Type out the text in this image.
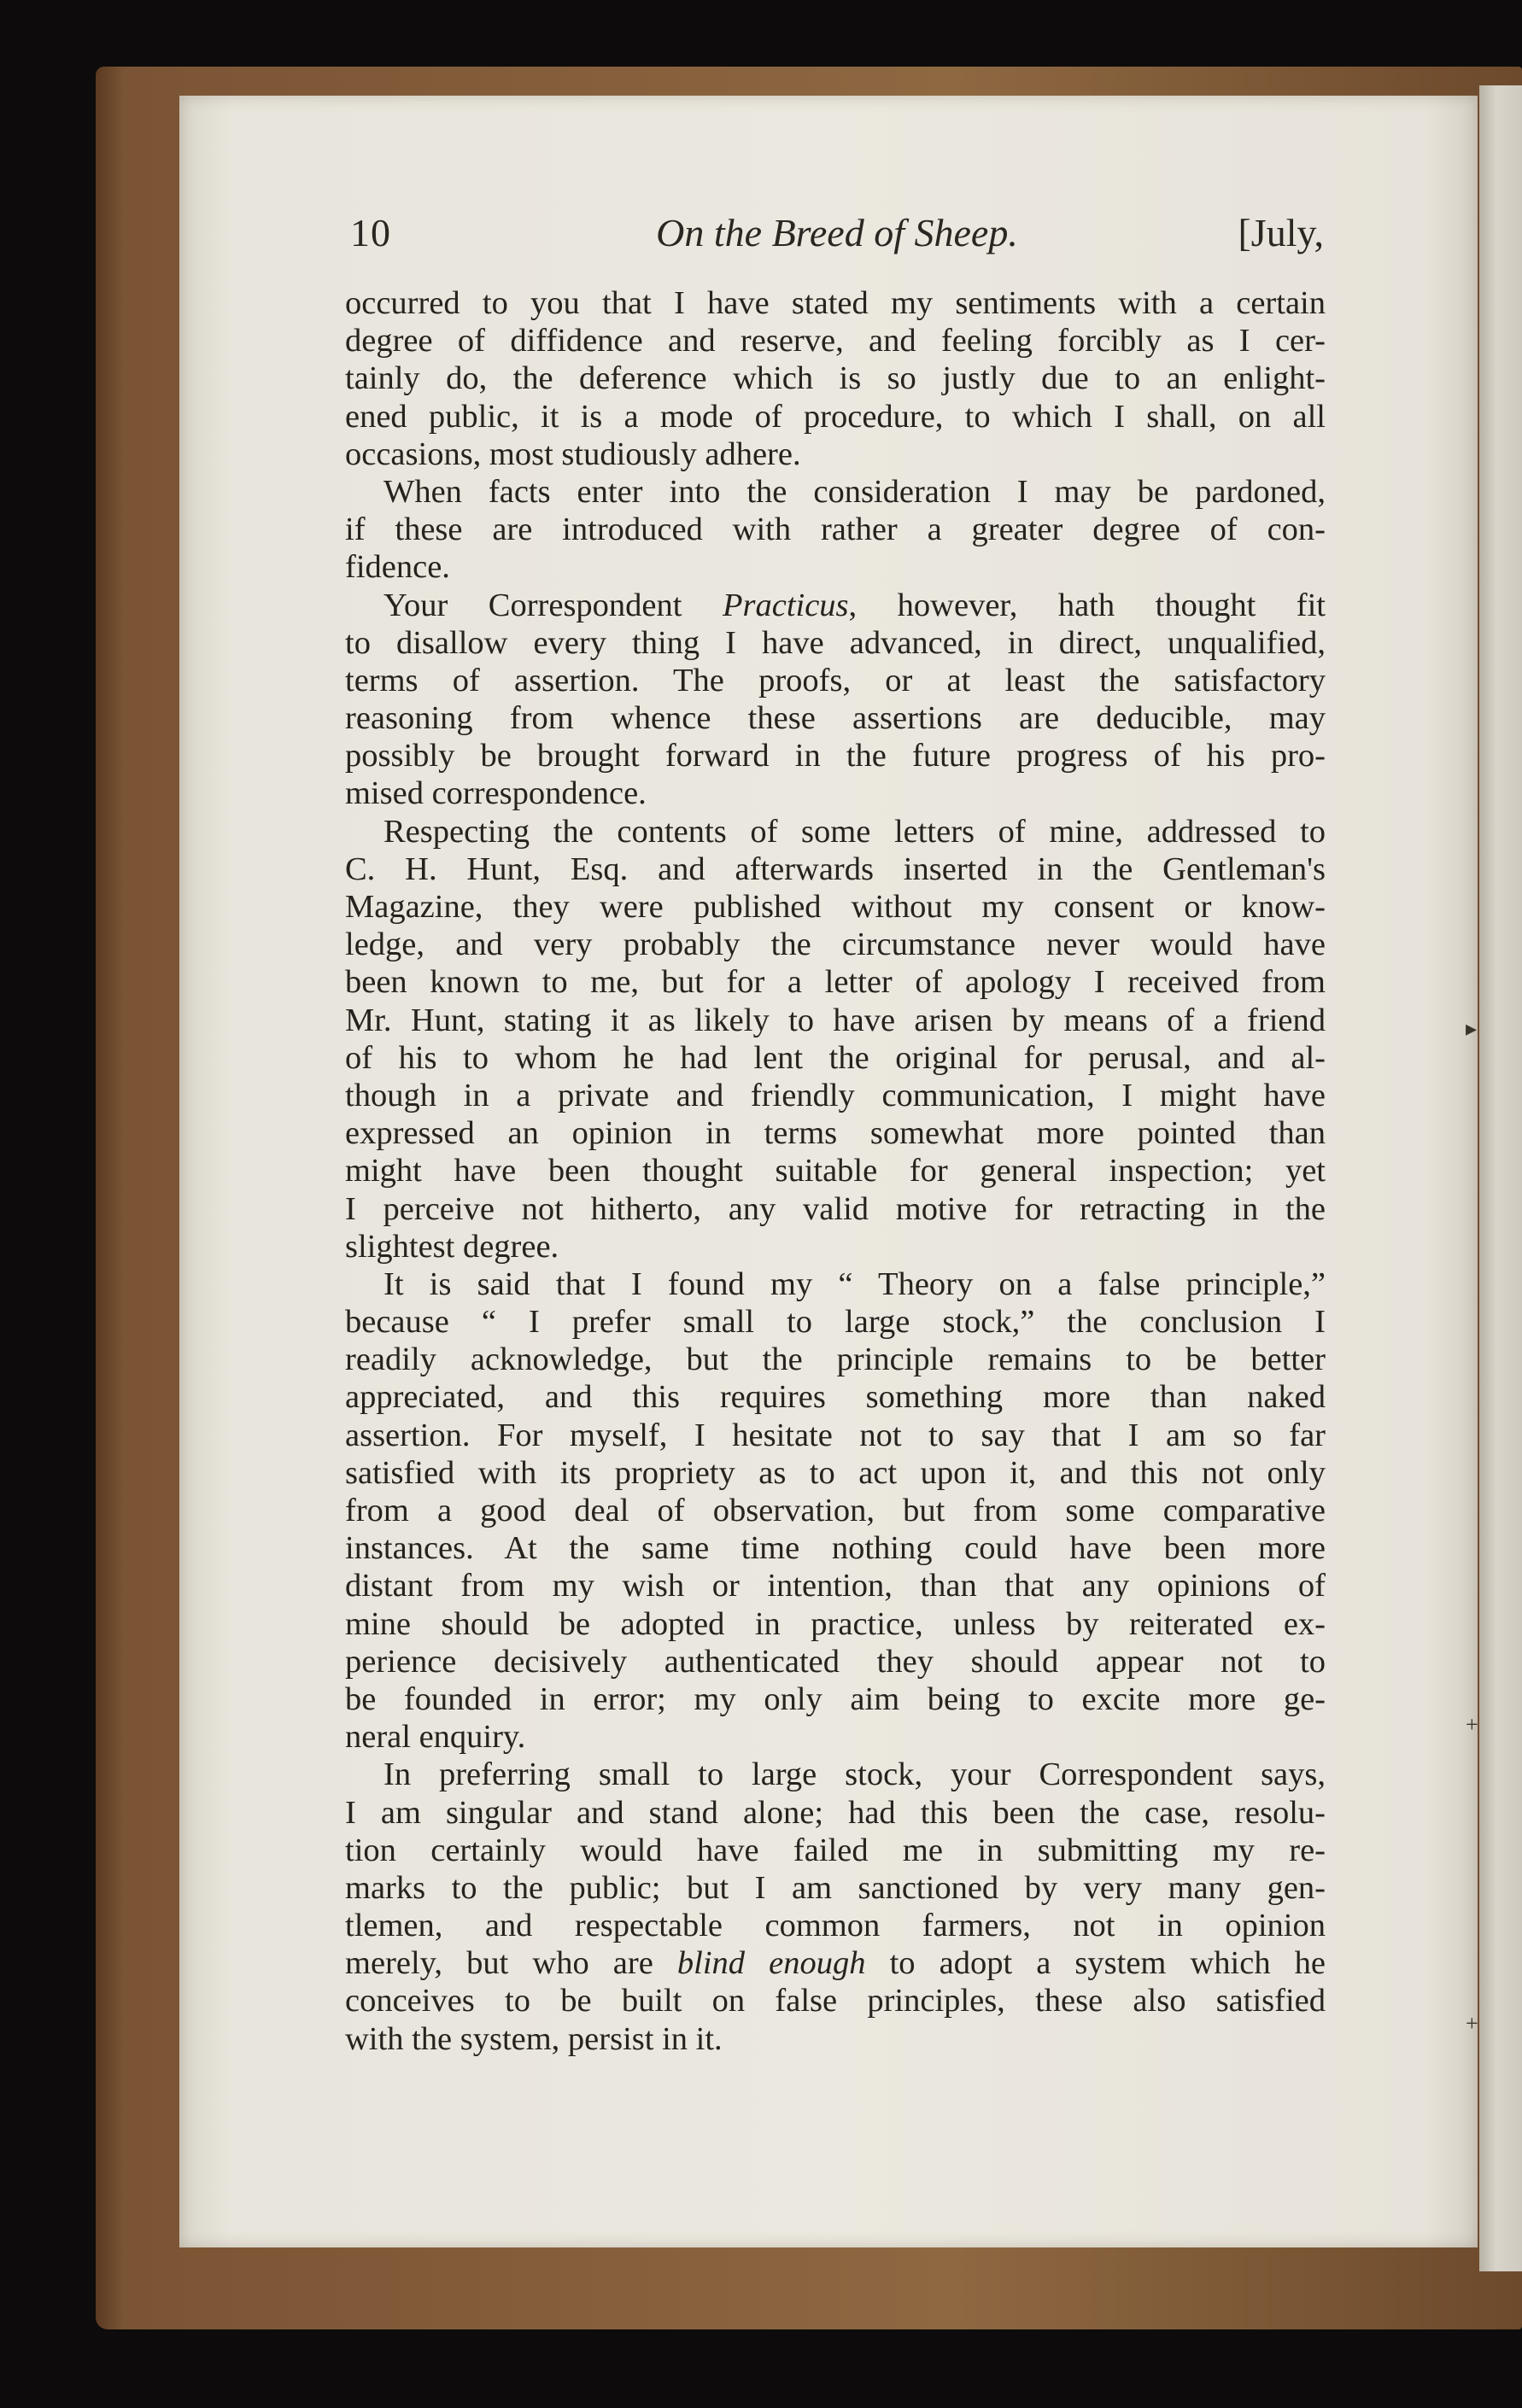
10	On the Breed of Sheep.	[July,
occurred to you that I have stated my sentiments with a certain
degree of diffidence and reserve, and feeling forcibly as I cer-
tainly do, the deference which is so justly due to an enlight-
ened public, it is a mode of procedure, to which I shall, on all
occasions, most studiously adhere.
When facts enter into the consideration I may be pardoned,
if these are introduced with rather a greater degree of con-
fidence.
Your Correspondent Practicus, however, hath thought fit
to disallow every thing I have advanced, in direct, unqualified,
terms of assertion. The proofs, or at least the satisfactory
reasoning from whence these assertions are deducible, may
possibly be brought forward in the future progress of his pro-
mised correspondence.
Respecting the contents of some letters of mine, addressed to
C. H. Hunt, Esq. and afterwards inserted in the Gentleman's
Magazine, they were published without my consent or know-
ledge, and very probably the circumstance never would have
been known to me, but for a letter of apology I received from
Mr. Hunt, stating it as likely to have arisen by means of a friend
of his to whom he had lent the original for perusal, and al-
though in a private and friendly communication, I might have
expressed an opinion in terms somewhat more pointed than
might have been thought suitable for general inspection; yet
I perceive not hitherto, any valid motive for retracting in the
slightest degree.
It is said that I found my “ Theory on a false principle,”
because “ I prefer small to large stock,” the conclusion I
readily acknowledge, but the principle remains to be better
appreciated, and this requires something more than naked
assertion. For myself, I hesitate not to say that I am so far
satisfied with its propriety as to act upon it, and this not only
from a good deal of observation, but from some comparative
instances. At the same time nothing could have been more
distant from my wish or intention, than that any opinions of
mine should be adopted in practice, unless by reiterated ex-
perience decisively authenticated they should appear not to
be founded in error; my only aim being to excite more ge-
neral enquiry.
In preferring small to large stock, your Correspondent says,
I am singular and stand alone; had this been the case, resolu-
tion certainly would have failed me in submitting my re-
marks to the public; but I am sanctioned by very many gen-
tlemen, and respectable common farmers, not in opinion
merely, but who are blind enough to adopt a system which he
conceives to be built on false principles, these also satisfied
with the system, persist in it.
▸
+
+
